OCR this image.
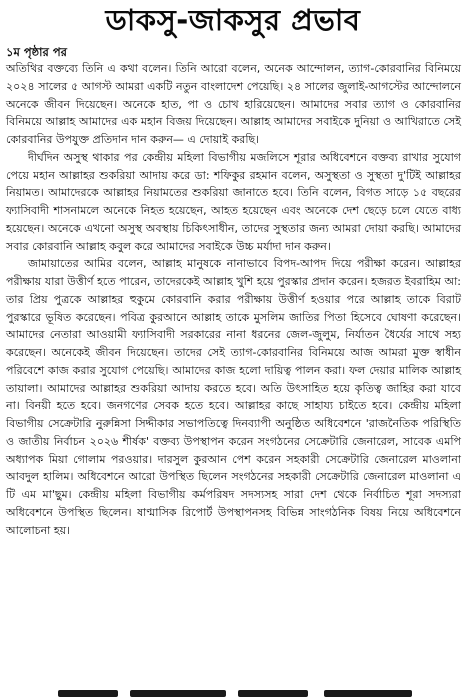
ডাকসু-জাকসুর প্রভাব
১ম পৃষ্ঠার পর

অতিথির বক্তব্যে তিনি এ কথা বলেন। তিনি আরো বলেন, অনেক আন্দোলন, ত্যাগ-কোরবানির বিনিময়ে ২০২৪ সালের ৫ আগস্ট আমরা একটি নতুন বাংলাদেশ পেয়েছি। ২৪ সালের জুলাই-আগস্টের আন্দোলনে অনেকে জীবন দিয়েছেন। অনেকে হাত, পা ও চোখ হারিয়েছেন। আমাদের সবার ত্যাগ ও কোরবানির বিনিময়ে আল্লাহ আমাদের এক মহান বিজয় দিয়েছেন। আল্লাহ আমাদের সবাইকে দুনিয়া ও আখিরাতে সেই কোরবানির উপযুক্ত প্রতিদান দান করুন— এ দোয়াই করছি।

দীর্ঘদিন অসুস্থ থাকার পর কেন্দ্রীয় মহিলা বিভাগীয় মজলিসে শূরার অধিবেশনে বক্তব্য রাখার সুযোগ পেয়ে মহান আল্লাহর শুকরিয়া আদায় করে ডা: শফিকুর রহমান বলেন, অসুস্থতা ও সুস্থতা দু'টিই আল্লাহর নিয়ামত। আমাদেরকে আল্লাহর নিয়ামতের শুকরিয়া জানাতে হবে। তিনি বলেন, বিগত সাড়ে ১৫ বছরের ফ্যাসিবাদী শাসনামলে অনেকে নিহত হয়েছেন, আহত হয়েছেন এবং অনেকে দেশ ছেড়ে চলে যেতে বাধ্য হয়েছেন। অনেকে এখনো অসুস্থ অবস্থায় চিকিৎসাধীন, তাদের সুস্থতার জন্য আমরা দোয়া করছি। আমাদের সবার কোরবানি আল্লাহ কবুল করে আমাদের সবাইকে উচ্চ মর্যাদা দান করুন।

জামায়াতের আমির বলেন, আল্লাহ মানুষকে নানাভাবে বিপদ-আপদ দিয়ে পরীক্ষা করেন। আল্লাহর পরীক্ষায় যারা উত্তীর্ণ হতে পারেন, তাদেরকেই আল্লাহ খুশি হয়ে পুরস্কার প্রদান করেন। হজরত ইবরাহিম আ: তার প্রিয় পুত্রকে আল্লাহর হুকুমে কোরবানি করার পরীক্ষায় উত্তীর্ণ হওয়ার পরে আল্লাহ তাকে বিরাট পুরস্কারে ভূষিত করেছেন। পবিত্র কুরআনে আল্লাহ তাকে মুসলিম জাতির পিতা হিসেবে ঘোষণা করেছেন। আমাদের নেতারা আওয়ামী ফ্যাসিবাদী সরকারের নানা ধরনের জেল-জুলুম, নির্যাতন ধৈর্যের সাথে সহ্য করেছেন। অনেকেই জীবন দিয়েছেন। তাদের সেই ত্যাগ-কোরবানির বিনিময়ে আজ আমরা মুক্ত স্বাধীন পরিবেশে কাজ করার সুযোগ পেয়েছি। আমাদের কাজ হলো দায়িত্ব পালন করা। ফল দেয়ার মালিক আল্লাহ তায়ালা। আমাদের আল্লাহর শুকরিয়া আদায় করতে হবে। অতি উৎসাহিত হয়ে কৃতিত্ব জাহির করা যাবে না। বিনয়ী হতে হবে। জনগণের সেবক হতে হবে। আল্লাহর কাছে সাহায্য চাইতে হবে। কেন্দ্রীয় মহিলা বিভাগীয় সেক্রেটারি নুরুন্নিসা সিদ্দীকার সভাপতিত্বে দিনব্যাপী অনুষ্ঠিত অধিবেশনে 'রাজনৈতিক পরিস্থিতি ও জাতীয় নির্বাচন ২০২৬ শীর্ষক' বক্তব্য উপস্থাপন করেন সংগঠনের সেক্রেটারি জেনারেল, সাবেক এমপি অধ্যাপক মিয়া গোলাম পরওয়ার। দারসুল কুরআন পেশ করেন সহকারী সেক্রেটারি জেনারেল মাওলানা আবদুল হালিম। অধিবেশনে আরো উপস্থিত ছিলেন সংগঠনের সহকারী সেক্রেটারি জেনারেল মাওলানা এ টি এম মা'ছুম। কেন্দ্রীয় মহিলা বিভাগীয় কর্মপরিষদ সদস্যসহ সারা দেশ থেকে নির্বাচিত শূরা সদস্যরা অধিবেশনে উপস্থিত ছিলেন। ষাণ্মাসিক রিপোর্ট উপস্থাপনসহ বিভিন্ন সাংগঠনিক বিষয় নিয়ে অধিবেশনে আলোচনা হয়।
